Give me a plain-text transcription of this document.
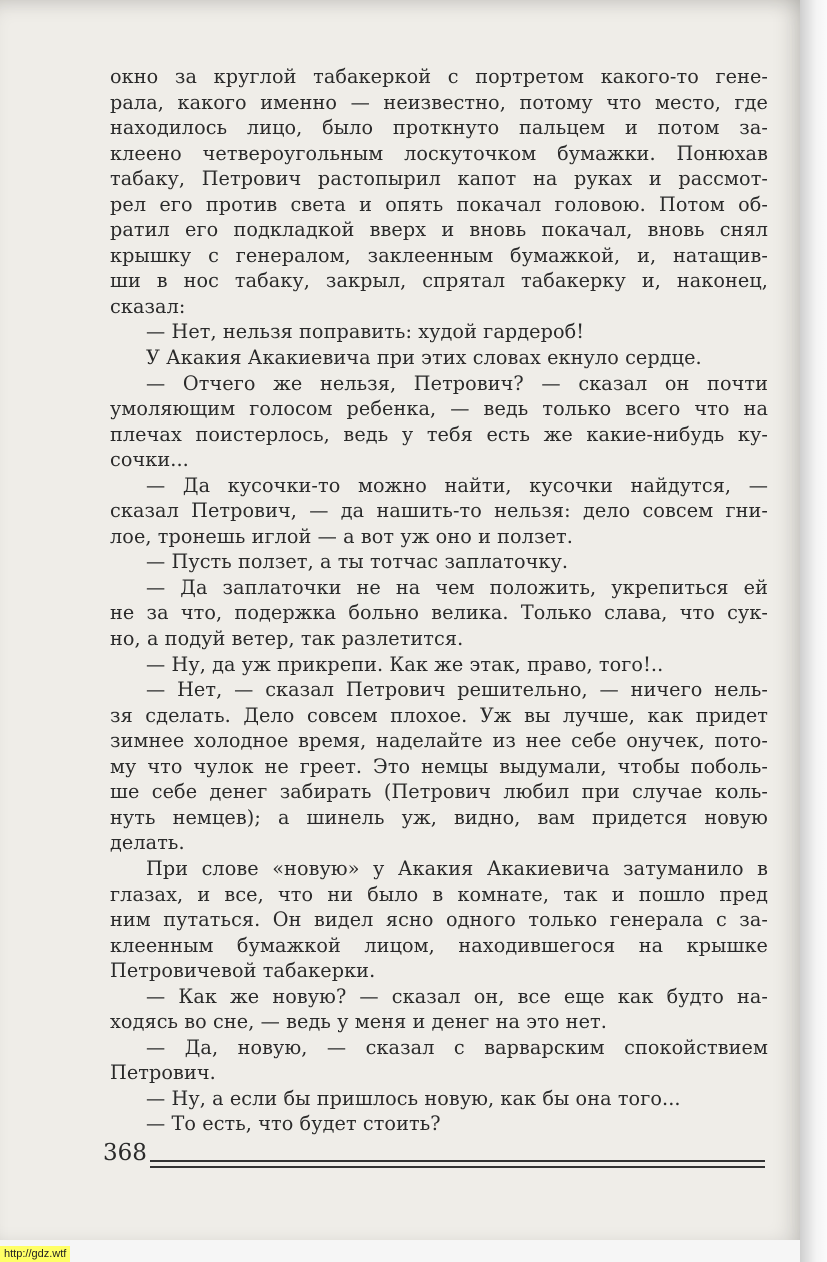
окно за круглой табакеркой с портретом какого-то гене-

рала, какого именно — неизвестно, потому что место, где

находилось лицо, было проткнуто пальцем и потом за-

клеено четвероугольным лоскуточком бумажки. Понюхав

табаку, Петрович растопырил капот на руках и рассмот-

рел его против света и опять покачал головою. Потом об-

ратил его подкладкой вверх и вновь покачал, вновь снял

крышку с генералом, заклеенным бумажкой, и, натащив-

ши в нос табаку, закрыл, спрятал табакерку и, наконец,

сказал:

— Нет, нельзя поправить: худой гардероб!

У Акакия Акакиевича при этих словах екнуло сердце.

— Отчего же нельзя, Петрович? — сказал он почти

умоляющим голосом ребенка, — ведь только всего что на

плечах поистерлось, ведь у тебя есть же какие-нибудь ку-

сочки...

— Да кусочки-то можно найти, кусочки найдутся, —

сказал Петрович, — да нашить-то нельзя: дело совсем гни-

лое, тронешь иглой — а вот уж оно и ползет.

— Пусть ползет, а ты тотчас заплаточку.

— Да заплаточки не на чем положить, укрепиться ей

не за что, подержка больно велика. Только слава, что сук-

но, а подуй ветер, так разлетится.

— Ну, да уж прикрепи. Как же этак, право, того!..

— Нет, — сказал Петрович решительно, — ничего нель-

зя сделать. Дело совсем плохое. Уж вы лучше, как придет

зимнее холодное время, наделайте из нее себе онучек, пото-

му что чулок не греет. Это немцы выдумали, чтобы поболь-

ше себе денег забирать (Петрович любил при случае коль-

нуть немцев); а шинель уж, видно, вам придется новую

делать.

При слове «новую» у Акакия Акакиевича затуманило в

глазах, и все, что ни было в комнате, так и пошло пред

ним путаться. Он видел ясно одного только генерала с за-

клеенным бумажкой лицом, находившегося на крышке

Петровичевой табакерки.

— Как же новую? — сказал он, все еще как будто на-

ходясь во сне, — ведь у меня и денег на это нет.

— Да, новую, — сказал с варварским спокойствием

Петрович.

— Ну, а если бы пришлось новую, как бы она того...

— То есть, что будет стоить?

368
http://gdz.wtf
